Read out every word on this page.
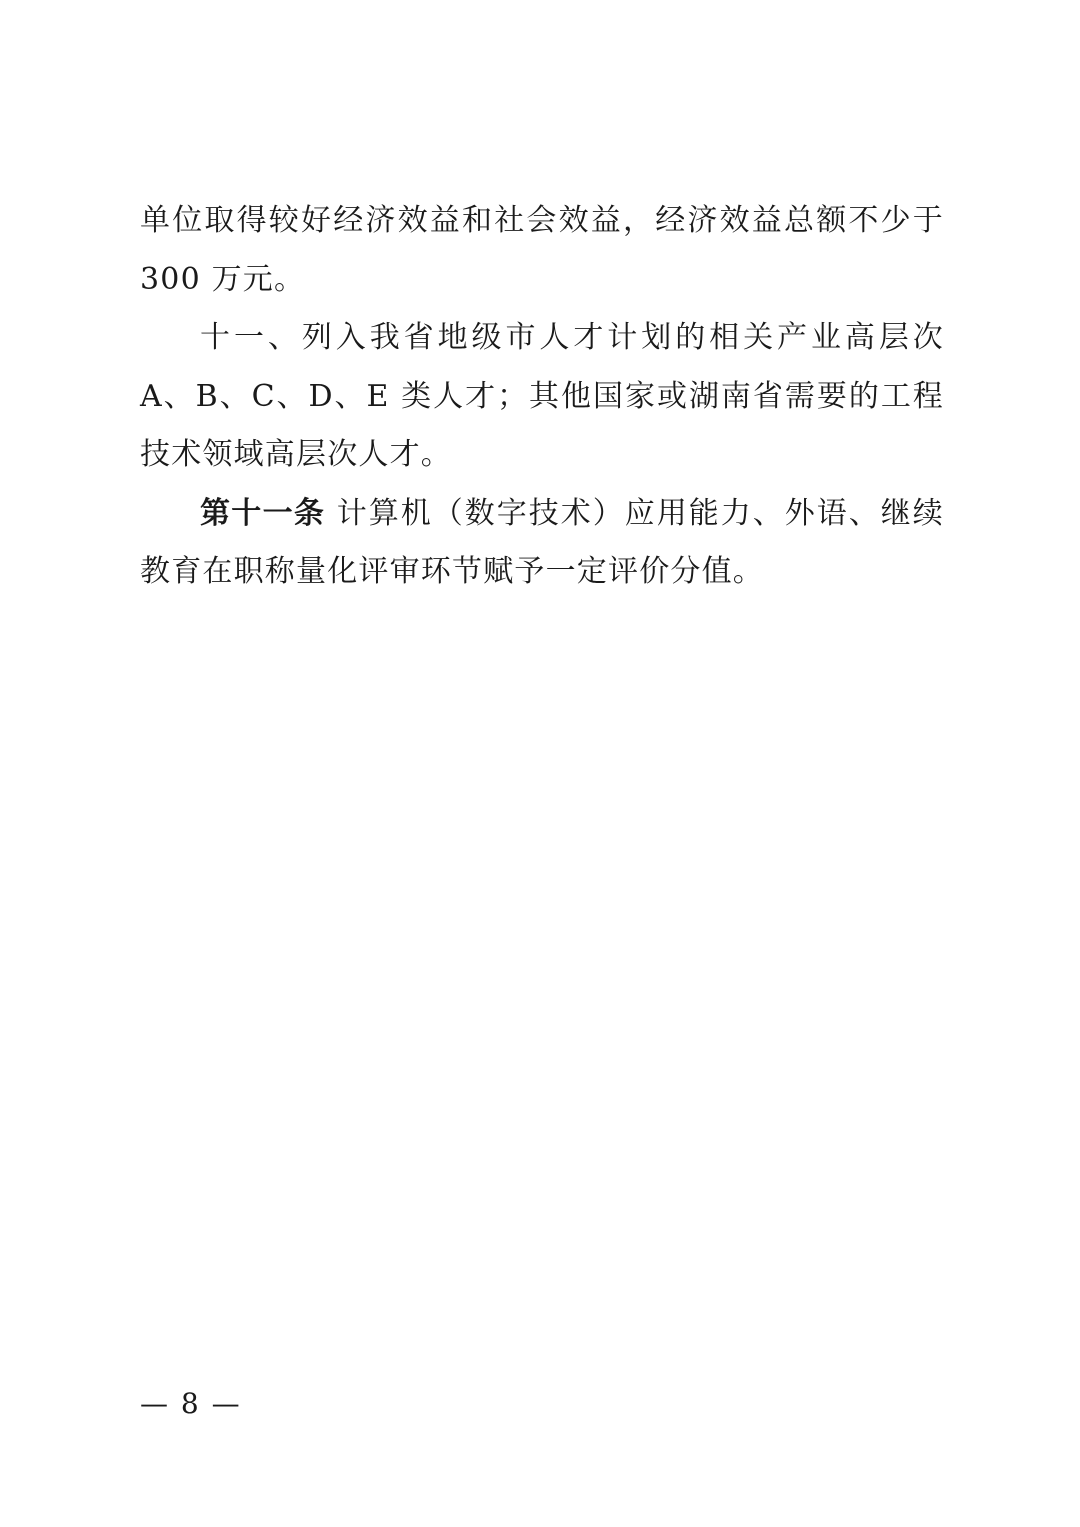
单位取得较好经济效益和社会效益，经济效益总额不少于 300 万元。

十一、列入我省地级市人才计划的相关产业高层次 A、B、C、D、E 类人才；其他国家或湖南省需要的工程技术领域高层次人才。

第十一条 计算机（数字技术）应用能力、外语、继续教育在职称量化评审环节赋予一定评价分值。

— 8 —
